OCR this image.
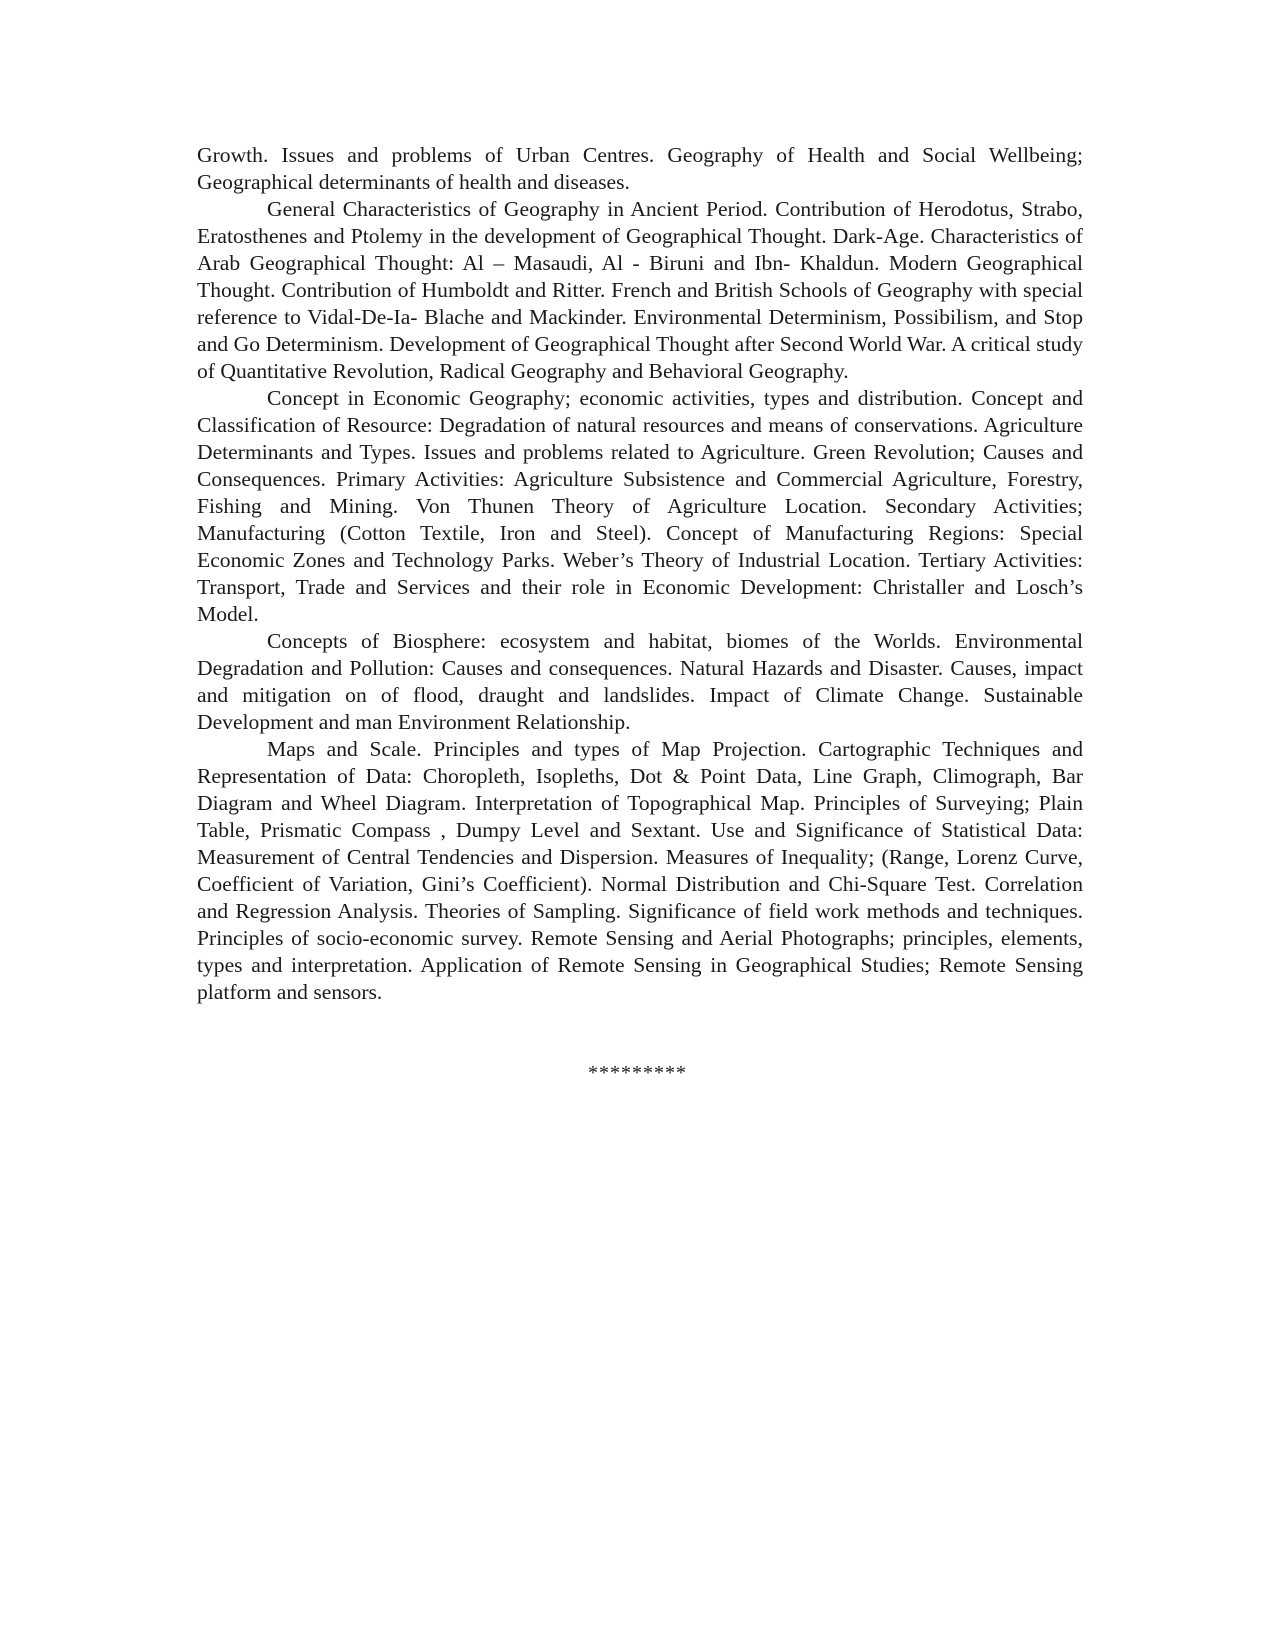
Growth. Issues and problems of Urban Centres. Geography of Health and Social Wellbeing; Geographical determinants of health and diseases.

General Characteristics of Geography in Ancient Period. Contribution of Herodotus, Strabo, Eratosthenes and Ptolemy in the development of Geographical Thought. Dark-Age. Characteristics of Arab Geographical Thought: Al – Masaudi, Al - Biruni and Ibn- Khaldun. Modern Geographical Thought. Contribution of Humboldt and Ritter. French and British Schools of Geography with special reference to Vidal-De-Ia- Blache and Mackinder. Environmental Determinism, Possibilism, and Stop and Go Determinism. Development of Geographical Thought after Second World War. A critical study of Quantitative Revolution, Radical Geography and Behavioral Geography.

Concept in Economic Geography; economic activities, types and distribution. Concept and Classification of Resource: Degradation of natural resources and means of conservations. Agriculture Determinants and Types. Issues and problems related to Agriculture. Green Revolution; Causes and Consequences. Primary Activities: Agriculture Subsistence and Commercial Agriculture, Forestry, Fishing and Mining. Von Thunen Theory of Agriculture Location. Secondary Activities; Manufacturing (Cotton Textile, Iron and Steel). Concept of Manufacturing Regions: Special Economic Zones and Technology Parks. Weber’s Theory of Industrial Location. Tertiary Activities: Transport, Trade and Services and their role in Economic Development: Christaller and Losch’s Model.

Concepts of Biosphere: ecosystem and habitat, biomes of the Worlds. Environmental Degradation and Pollution: Causes and consequences. Natural Hazards and Disaster. Causes, impact and mitigation on of flood, draught and landslides. Impact of Climate Change. Sustainable Development and man Environment Relationship.

Maps and Scale. Principles and types of Map Projection. Cartographic Techniques and Representation of Data: Choropleth, Isopleths, Dot & Point Data, Line Graph, Climograph, Bar Diagram and Wheel Diagram. Interpretation of Topographical Map. Principles of Surveying; Plain Table, Prismatic Compass , Dumpy Level and Sextant. Use and Significance of Statistical Data: Measurement of Central Tendencies and Dispersion. Measures of Inequality; (Range, Lorenz Curve, Coefficient of Variation, Gini’s Coefficient). Normal Distribution and Chi-Square Test. Correlation and Regression Analysis. Theories of Sampling. Significance of field work methods and techniques. Principles of socio-economic survey. Remote Sensing and Aerial Photographs; principles, elements, types and interpretation. Application of Remote Sensing in Geographical Studies; Remote Sensing platform and sensors.

*********
